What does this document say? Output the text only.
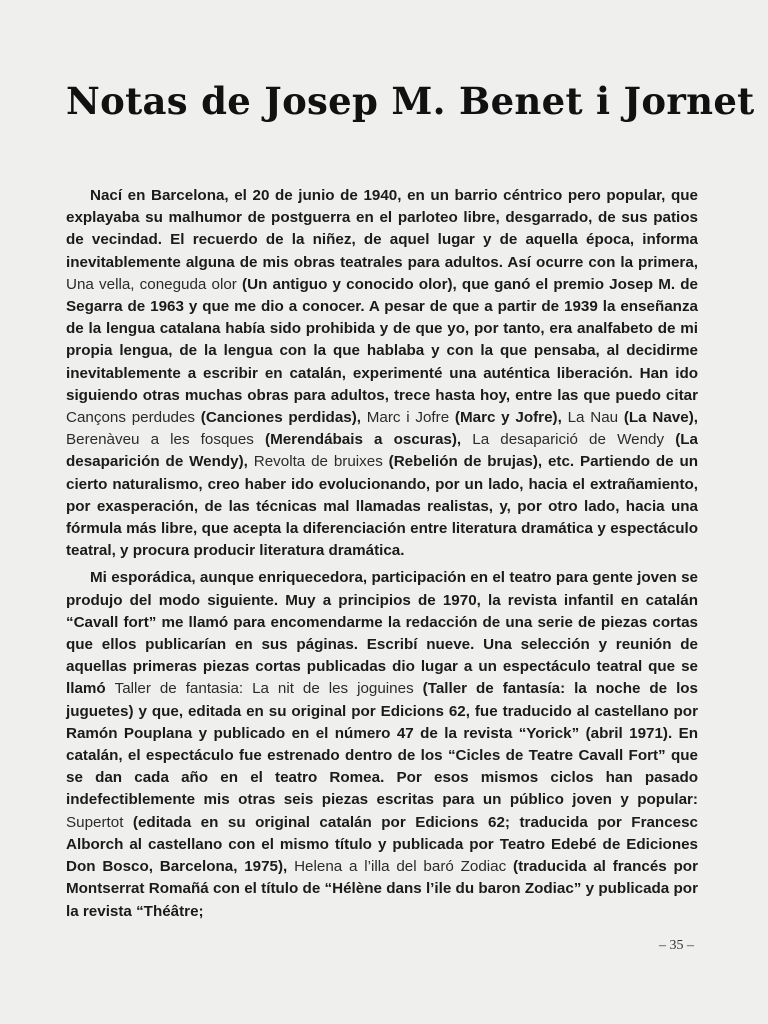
Notas de Josep M. Benet i Jornet

Nací en Barcelona, el 20 de junio de 1940, en un barrio céntrico pero popular, que explayaba su malhumor de postguerra en el parloteo libre, desgarrado, de sus patios de vecindad. El recuerdo de la niñez, de aquel lugar y de aquella época, informa inevitablemente alguna de mis obras teatrales para adultos. Así ocurre con la primera, Una vella, coneguda olor (Un antiguo y conocido olor), que ganó el premio Josep M. de Segarra de 1963 y que me dio a conocer. A pesar de que a partir de 1939 la enseñanza de la lengua catalana había sido prohibida y de que yo, por tanto, era analfabeto de mi propia lengua, de la lengua con la que hablaba y con la que pensaba, al decidirme inevitablemente a escribir en catalán, experimenté una auténtica liberación. Han ido siguiendo otras muchas obras para adultos, trece hasta hoy, entre las que puedo citar Cançons perdudes (Canciones perdidas), Marc i Jofre (Marc y Jofre), La Nau (La Nave), Berenàveu a les fosques (Merendábais a oscuras), La desaparició de Wendy (La desaparición de Wendy), Revolta de bruixes (Rebelión de brujas), etc. Partiendo de un cierto naturalismo, creo haber ido evolucionando, por un lado, hacia el extrañamiento, por exasperación, de las técnicas mal llamadas realistas, y, por otro lado, hacia una fórmula más libre, que acepta la diferenciación entre literatura dramática y espectáculo teatral, y procura producir literatura dramática.

Mi esporádica, aunque enriquecedora, participación en el teatro para gente joven se produjo del modo siguiente. Muy a principios de 1970, la revista infantil en catalán “Cavall fort” me llamó para encomendarme la redacción de una serie de piezas cortas que ellos publicarían en sus páginas. Escribí nueve. Una selección y reunión de aquellas primeras piezas cortas publicadas dio lugar a un espectáculo teatral que se llamó Taller de fantasia: La nit de les joguines (Taller de fantasía: la noche de los juguetes) y que, editada en su original por Edicions 62, fue traducido al castellano por Ramón Pouplana y publicado en el número 47 de la revista “Yorick” (abril 1971). En catalán, el espectáculo fue estrenado dentro de los “Cicles de Teatre Cavall Fort” que se dan cada año en el teatro Romea. Por esos mismos ciclos han pasado indefectiblemente mis otras seis piezas escritas para un público joven y popular: Supertot (editada en su original catalán por Edicions 62; traducida por Francesc Alborch al castellano con el mismo título y publicada por Teatro Edebé de Ediciones Don Bosco, Barcelona, 1975), Helena a l’illa del baró Zodiac (traducida al francés por Montserrat Romañá con el título de “Hélène dans l’ile du baron Zodiac” y publicada por la revista “Théâtre;

– 35 –
